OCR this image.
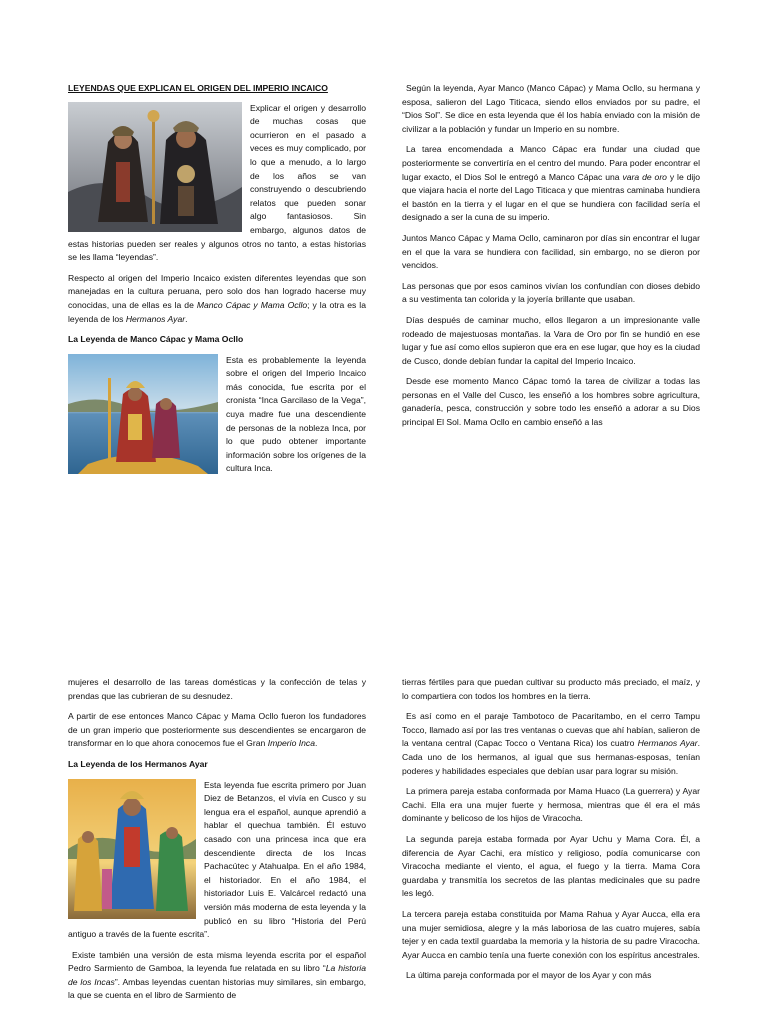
LEYENDAS QUE EXPLICAN EL ORIGEN DEL IMPERIO INCAICO

Explicar el origen y desarrollo de muchas cosas que ocurrieron en el pasado a veces es muy complicado, por lo que a menudo, a lo largo de los años se van construyendo o descubriendo relatos que pueden sonar algo fantasiosos. Sin embargo, algunos datos de estas historias pueden ser reales y algunos otros no tanto, a estas historias se les llama “leyendas”.

Respecto al origen del Imperio Incaico existen diferentes leyendas que son manejadas en la cultura peruana, pero solo dos han logrado hacerse muy conocidas, una de ellas es la de Manco Cápac y Mama Ocllo; y la otra es la leyenda de los Hermanos Ayar.

La Leyenda de Manco Cápac y Mama Ocllo

Esta es probablemente la leyenda sobre el origen del Imperio Incaico más conocida, fue escrita por el cronista “Inca Garcilaso de la Vega”, cuya madre fue una descendiente de personas de la nobleza Inca, por lo que pudo obtener importante información sobre los orígenes de la cultura Inca.

Según la leyenda, Ayar Manco (Manco Cápac) y Mama Ocllo, su hermana y esposa, salieron del Lago Titicaca, siendo ellos enviados por su padre, el “Dios Sol”. Se dice en esta leyenda que él los había enviado con la misión de civilizar a la población y fundar un Imperio en su nombre.

La tarea encomendada a Manco Cápac era fundar una ciudad que posteriormente se convertiría en el centro del mundo. Para poder encontrar el lugar exacto, el Dios Sol le entregó a Manco Cápac una vara de oro y le dijo que viajara hacia el norte del Lago Titicaca y que mientras caminaba hundiera el bastón en la tierra y el lugar en el que se hundiera con facilidad sería el designado a ser la cuna de su imperio.

Juntos Manco Cápac y Mama Ocllo, caminaron por días sin encontrar el lugar en el que la vara se hundiera con facilidad, sin embargo, no se dieron por vencidos.

Las personas que por esos caminos vivían los confundían con dioses debido a su vestimenta tan colorida y la joyería brillante que usaban.

Días después de caminar mucho, ellos llegaron a un impresionante valle rodeado de majestuosas montañas. la Vara de Oro por fin se hundió en ese lugar y fue así como ellos supieron que era en ese lugar, que hoy es la ciudad de Cusco, donde debían fundar la capital del Imperio Incaico.

Desde ese momento Manco Cápac tomó la tarea de civilizar a todas las personas en el Valle del Cusco, les enseñó a los hombres sobre agricultura, ganadería, pesca, construcción y sobre todo les enseñó a adorar a su Dios principal El Sol. Mama Ocllo en cambio enseñó a las

mujeres el desarrollo de las tareas domésticas y la confección de telas y prendas que las cubrieran de su desnudez.

A partir de ese entonces Manco Cápac y Mama Ocllo fueron los fundadores de un gran imperio que posteriormente sus descendientes se encargaron de transformar en lo que ahora conocemos fue el Gran Imperio Inca.

La Leyenda de los Hermanos Ayar

Esta leyenda fue escrita primero por Juan Diez de Betanzos, el vivía en Cusco y su lengua era el español, aunque aprendió a hablar el quechua también. Él estuvo casado con una princesa inca que era descendiente directa de los Incas Pachacútec y Atahualpa. En el año 1984, el historiador. En el año 1984, el historiador Luis E. Valcárcel redactó una versión más moderna de esta leyenda y la publicó en su libro “Historia del Perú antiguo a través de la fuente escrita”.

Existe también una versión de esta misma leyenda escrita por el español Pedro Sarmiento de Gamboa, la leyenda fue relatada en su libro “La historia de los Incas”. Ambas leyendas cuentan historias muy similares, sin embargo, la que se cuenta en el libro de Sarmiento de

tierras fértiles para que puedan cultivar su producto más preciado, el maíz, y lo compartiera con todos los hombres en la tierra.

Es así como en el paraje Tambotoco de Pacaritambo, en el cerro Tampu Tocco, llamado así por las tres ventanas o cuevas que ahí habían, salieron de la ventana central (Capac Tocco o Ventana Rica) los cuatro Hermanos Ayar. Cada uno de los hermanos, al igual que sus hermanas-esposas, tenían poderes y habilidades especiales que debían usar para lograr su misión.

La primera pareja estaba conformada por Mama Huaco (La guerrera) y Ayar Cachi. Ella era una mujer fuerte y hermosa, mientras que él era el más dominante y belicoso de los hijos de Viracocha.

La segunda pareja estaba formada por Ayar Uchu y Mama Cora. Él, a diferencia de Ayar Cachi, era místico y religioso, podía comunicarse con Viracocha mediante el viento, el agua, el fuego y la tierra. Mama Cora guardaba y transmitía los secretos de las plantas medicinales que su padre les legó.

La tercera pareja estaba constituida por Mama Rahua y Ayar Aucca, ella era una mujer semidiosa, alegre y la más laboriosa de las cuatro mujeres, sabía tejer y en cada textil guardaba la memoria y la historia de su padre Viracocha. Ayar Aucca en cambio tenía una fuerte conexión con los espíritus ancestrales.

La última pareja conformada por el mayor de los Ayar y con más
